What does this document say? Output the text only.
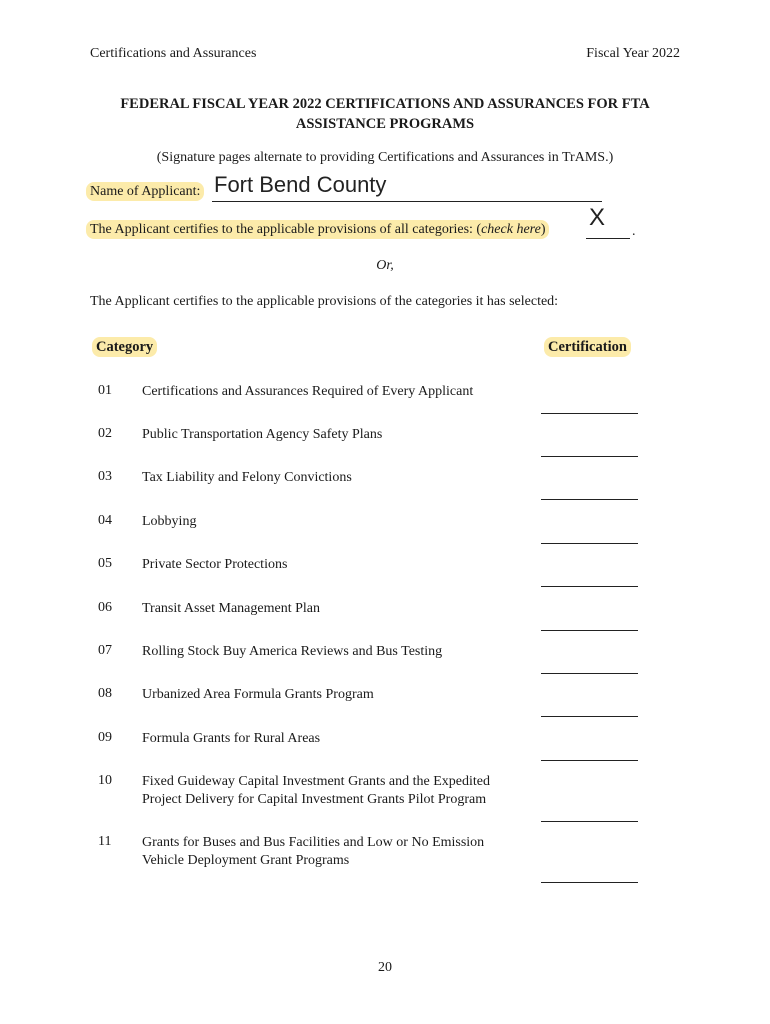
Certifications and Assurances	Fiscal Year 2022
FEDERAL FISCAL YEAR 2022 CERTIFICATIONS AND ASSURANCES FOR FTA ASSISTANCE PROGRAMS
(Signature pages alternate to providing Certifications and Assurances in TrAMS.)
Name of Applicant: Fort Bend County
The Applicant certifies to the applicable provisions of all categories: (check here) X
.
Or,
The Applicant certifies to the applicable provisions of the categories it has selected:
Category	Certification
01 Certifications and Assurances Required of Every Applicant
02 Public Transportation Agency Safety Plans
03 Tax Liability and Felony Convictions
04 Lobbying
05 Private Sector Protections
06 Transit Asset Management Plan
07 Rolling Stock Buy America Reviews and Bus Testing
08 Urbanized Area Formula Grants Program
09 Formula Grants for Rural Areas
10 Fixed Guideway Capital Investment Grants and the Expedited
Project Delivery for Capital Investment Grants Pilot Program
11 Grants for Buses and Bus Facilities and Low or No Emission
Vehicle Deployment Grant Programs
20
